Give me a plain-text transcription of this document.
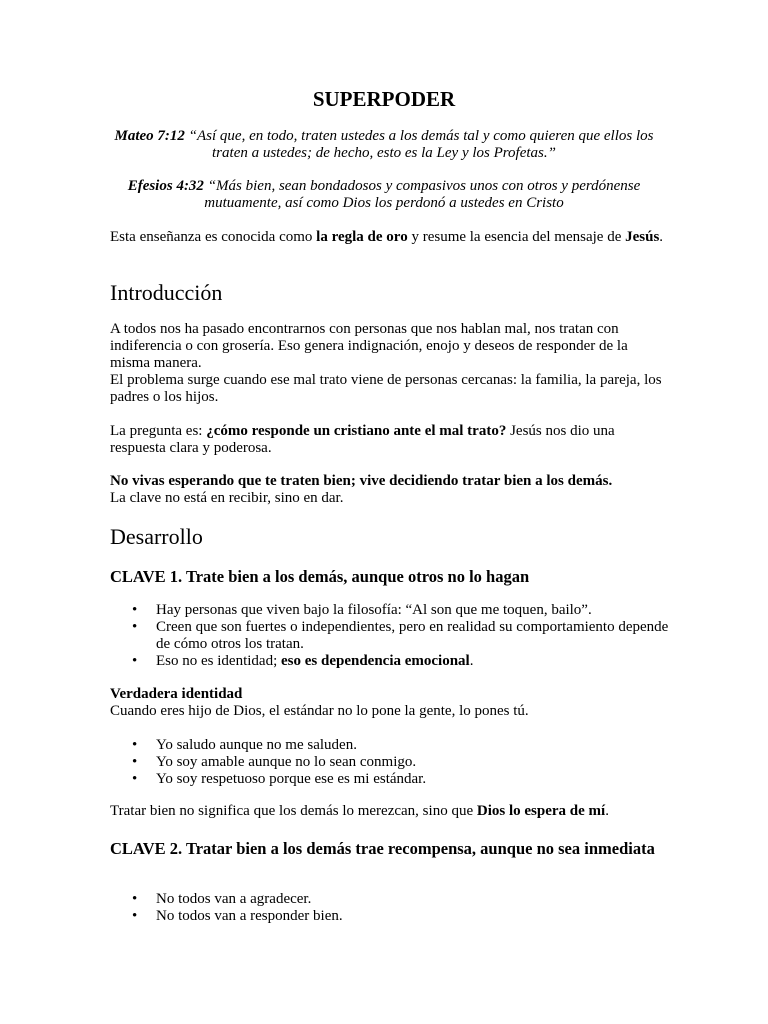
SUPERPODER
Mateo 7:12 “Así que, en todo, traten ustedes a los demás tal y como quieren que ellos los traten a ustedes; de hecho, esto es la Ley y los Profetas.”
Efesios 4:32 “Más bien, sean bondadosos y compasivos unos con otros y perdónense mutuamente, así como Dios los perdonó a ustedes en Cristo
Esta enseñanza es conocida como la regla de oro y resume la esencia del mensaje de Jesús.
Introducción
A todos nos ha pasado encontrarnos con personas que nos hablan mal, nos tratan con indiferencia o con grosería. Eso genera indignación, enojo y deseos de responder de la misma manera.
El problema surge cuando ese mal trato viene de personas cercanas: la familia, la pareja, los padres o los hijos.
La pregunta es: ¿cómo responde un cristiano ante el mal trato? Jesús nos dio una respuesta clara y poderosa.
No vivas esperando que te traten bien; vive decidiendo tratar bien a los demás.
La clave no está en recibir, sino en dar.
Desarrollo
CLAVE 1. Trate bien a los demás, aunque otros no lo hagan
• Hay personas que viven bajo la filosofía: “Al son que me toquen, bailo”.
• Creen que son fuertes o independientes, pero en realidad su comportamiento depende de cómo otros los tratan.
• Eso no es identidad; eso es dependencia emocional.
Verdadera identidad
Cuando eres hijo de Dios, el estándar no lo pone la gente, lo pones tú.
• Yo saludo aunque no me saluden.
• Yo soy amable aunque no lo sean conmigo.
• Yo soy respetuoso porque ese es mi estándar.
Tratar bien no significa que los demás lo merezcan, sino que Dios lo espera de mí.
CLAVE 2. Tratar bien a los demás trae recompensa, aunque no sea inmediata
• No todos van a agradecer.
• No todos van a responder bien.
